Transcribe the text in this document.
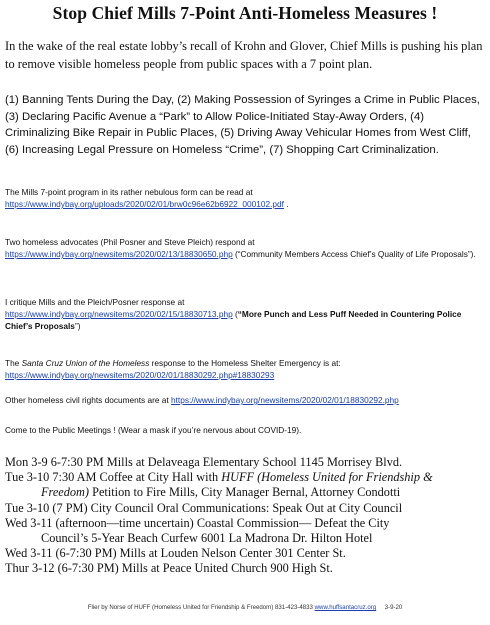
Stop Chief Mills 7-Point Anti-Homeless Measures !
In the wake of the real estate lobby’s recall of Krohn and Glover, Chief Mills is pushing his plan to remove visible homeless people from public spaces with a 7 point plan.
(1) Banning Tents During the Day, (2) Making Possession of Syringes a Crime in Public Places, (3) Declaring Pacific Avenue a “Park” to Allow Police-Initiated Stay-Away Orders, (4) Criminalizing Bike Repair in Public Places, (5) Driving Away Vehicular Homes from West Cliff, (6) Increasing Legal Pressure on Homeless “Crime”, (7) Shopping Cart Criminalization.
The Mills 7-point program in its rather nebulous form can be read at
https://www.indybay.org/uploads/2020/02/01/brw0c96e62b6922_000102.pdf .
Two homeless advocates (Phil Posner and Steve Pleich) respond at
https://www.indybay.org/newsitems/2020/02/13/18830650.php (“Community Members Access Chief’s Quality of Life Proposals”).
I critique Mills and the Pleich/Posner response at
https://www.indybay.org/newsitems/2020/02/15/18830713.php (“More Punch and Less Puff Needed in Countering Police Chief’s Proposals”)
The Santa Cruz Union of the Homeless response to the Homeless Shelter Emergency is at:
https://www.indybay.org/newsitems/2020/02/01/18830292.php#18830293
Other homeless civil rights documents are at https://www.indybay.org/newsitems/2020/02/01/18830292.php
Come to the Public Meetings ! (Wear a mask if you’re nervous about COVID-19).
Mon 3-9 6-7:30 PM Mills at Delaveaga Elementary School 1145 Morrisey Blvd.
Tue 3-10 7:30 AM Coffee at City Hall with HUFF (Homeless United for Friendship &
Freedom) Petition to Fire Mills, City Manager Bernal, Attorney Condotti
Tue 3-10 (7 PM) City Council Oral Communications: Speak Out at City Council
Wed 3-11 (afternoon—time uncertain) Coastal Commission— Defeat the City
Council’s 5-Year Beach Curfew 6001 La Madrona Dr. Hilton Hotel
Wed 3-11 (6-7:30 PM) Mills at Louden Nelson Center 301 Center St.
Thur 3-12 (6-7:30 PM) Mills at Peace United Church 900 High St.
Flier by Norse of HUFF (Homeless United for Friendship & Freedom) 831-423-4833 www.huffsantacruz.org 3-9-20
